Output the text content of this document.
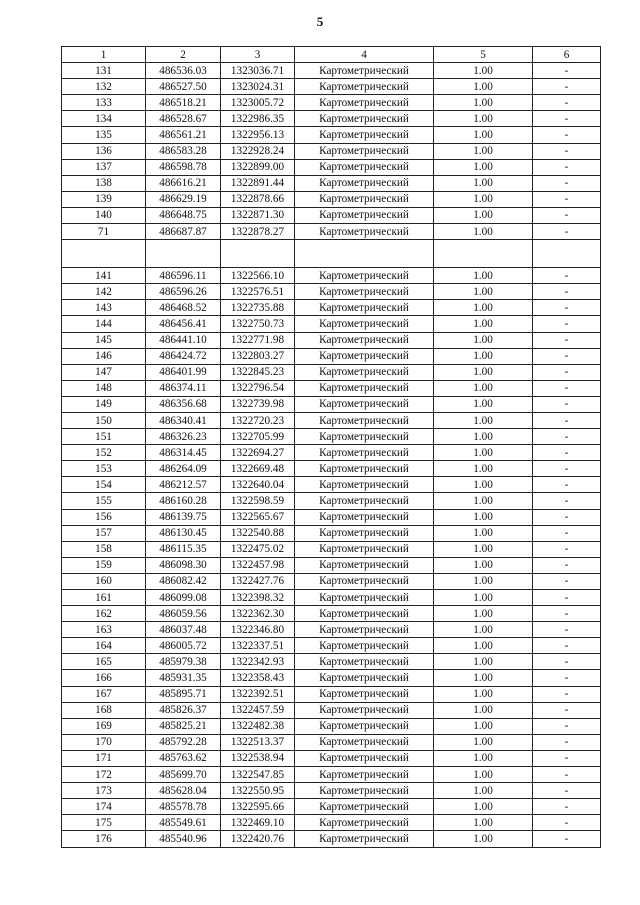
5
1	2	3	4	5	6
131	486536.03	1323036.71	Картометрический	1.00	-
132	486527.50	1323024.31	Картометрический	1.00	-
133	486518.21	1323005.72	Картометрический	1.00	-
134	486528.67	1322986.35	Картометрический	1.00	-
135	486561.21	1322956.13	Картометрический	1.00	-
136	486583.28	1322928.24	Картометрический	1.00	-
137	486598.78	1322899.00	Картометрический	1.00	-
138	486616.21	1322891.44	Картометрический	1.00	-
139	486629.19	1322878.66	Картометрический	1.00	-
140	486648.75	1322871.30	Картометрический	1.00	-
71	486687.87	1322878.27	Картометрический	1.00	-

141	486596.11	1322566.10	Картометрический	1.00	-
142	486596.26	1322576.51	Картометрический	1.00	-
143	486468.52	1322735.88	Картометрический	1.00	-
144	486456.41	1322750.73	Картометрический	1.00	-
145	486441.10	1322771.98	Картометрический	1.00	-
146	486424.72	1322803.27	Картометрический	1.00	-
147	486401.99	1322845.23	Картометрический	1.00	-
148	486374.11	1322796.54	Картометрический	1.00	-
149	486356.68	1322739.98	Картометрический	1.00	-
150	486340.41	1322720.23	Картометрический	1.00	-
151	486326.23	1322705.99	Картометрический	1.00	-
152	486314.45	1322694.27	Картометрический	1.00	-
153	486264.09	1322669.48	Картометрический	1.00	-
154	486212.57	1322640.04	Картометрический	1.00	-
155	486160.28	1322598.59	Картометрический	1.00	-
156	486139.75	1322565.67	Картометрический	1.00	-
157	486130.45	1322540.88	Картометрический	1.00	-
158	486115.35	1322475.02	Картометрический	1.00	-
159	486098.30	1322457.98	Картометрический	1.00	-
160	486082.42	1322427.76	Картометрический	1.00	-
161	486099.08	1322398.32	Картометрический	1.00	-
162	486059.56	1322362.30	Картометрический	1.00	-
163	486037.48	1322346.80	Картометрический	1.00	-
164	486005.72	1322337.51	Картометрический	1.00	-
165	485979.38	1322342.93	Картометрический	1.00	-
166	485931.35	1322358.43	Картометрический	1.00	-
167	485895.71	1322392.51	Картометрический	1.00	-
168	485826.37	1322457.59	Картометрический	1.00	-
169	485825.21	1322482.38	Картометрический	1.00	-
170	485792.28	1322513.37	Картометрический	1.00	-
171	485763.62	1322538.94	Картометрический	1.00	-
172	485699.70	1322547.85	Картометрический	1.00	-
173	485628.04	1322550.95	Картометрический	1.00	-
174	485578.78	1322595.66	Картометрический	1.00	-
175	485549.61	1322469.10	Картометрический	1.00	-
176	485540.96	1322420.76	Картометрический	1.00	-
